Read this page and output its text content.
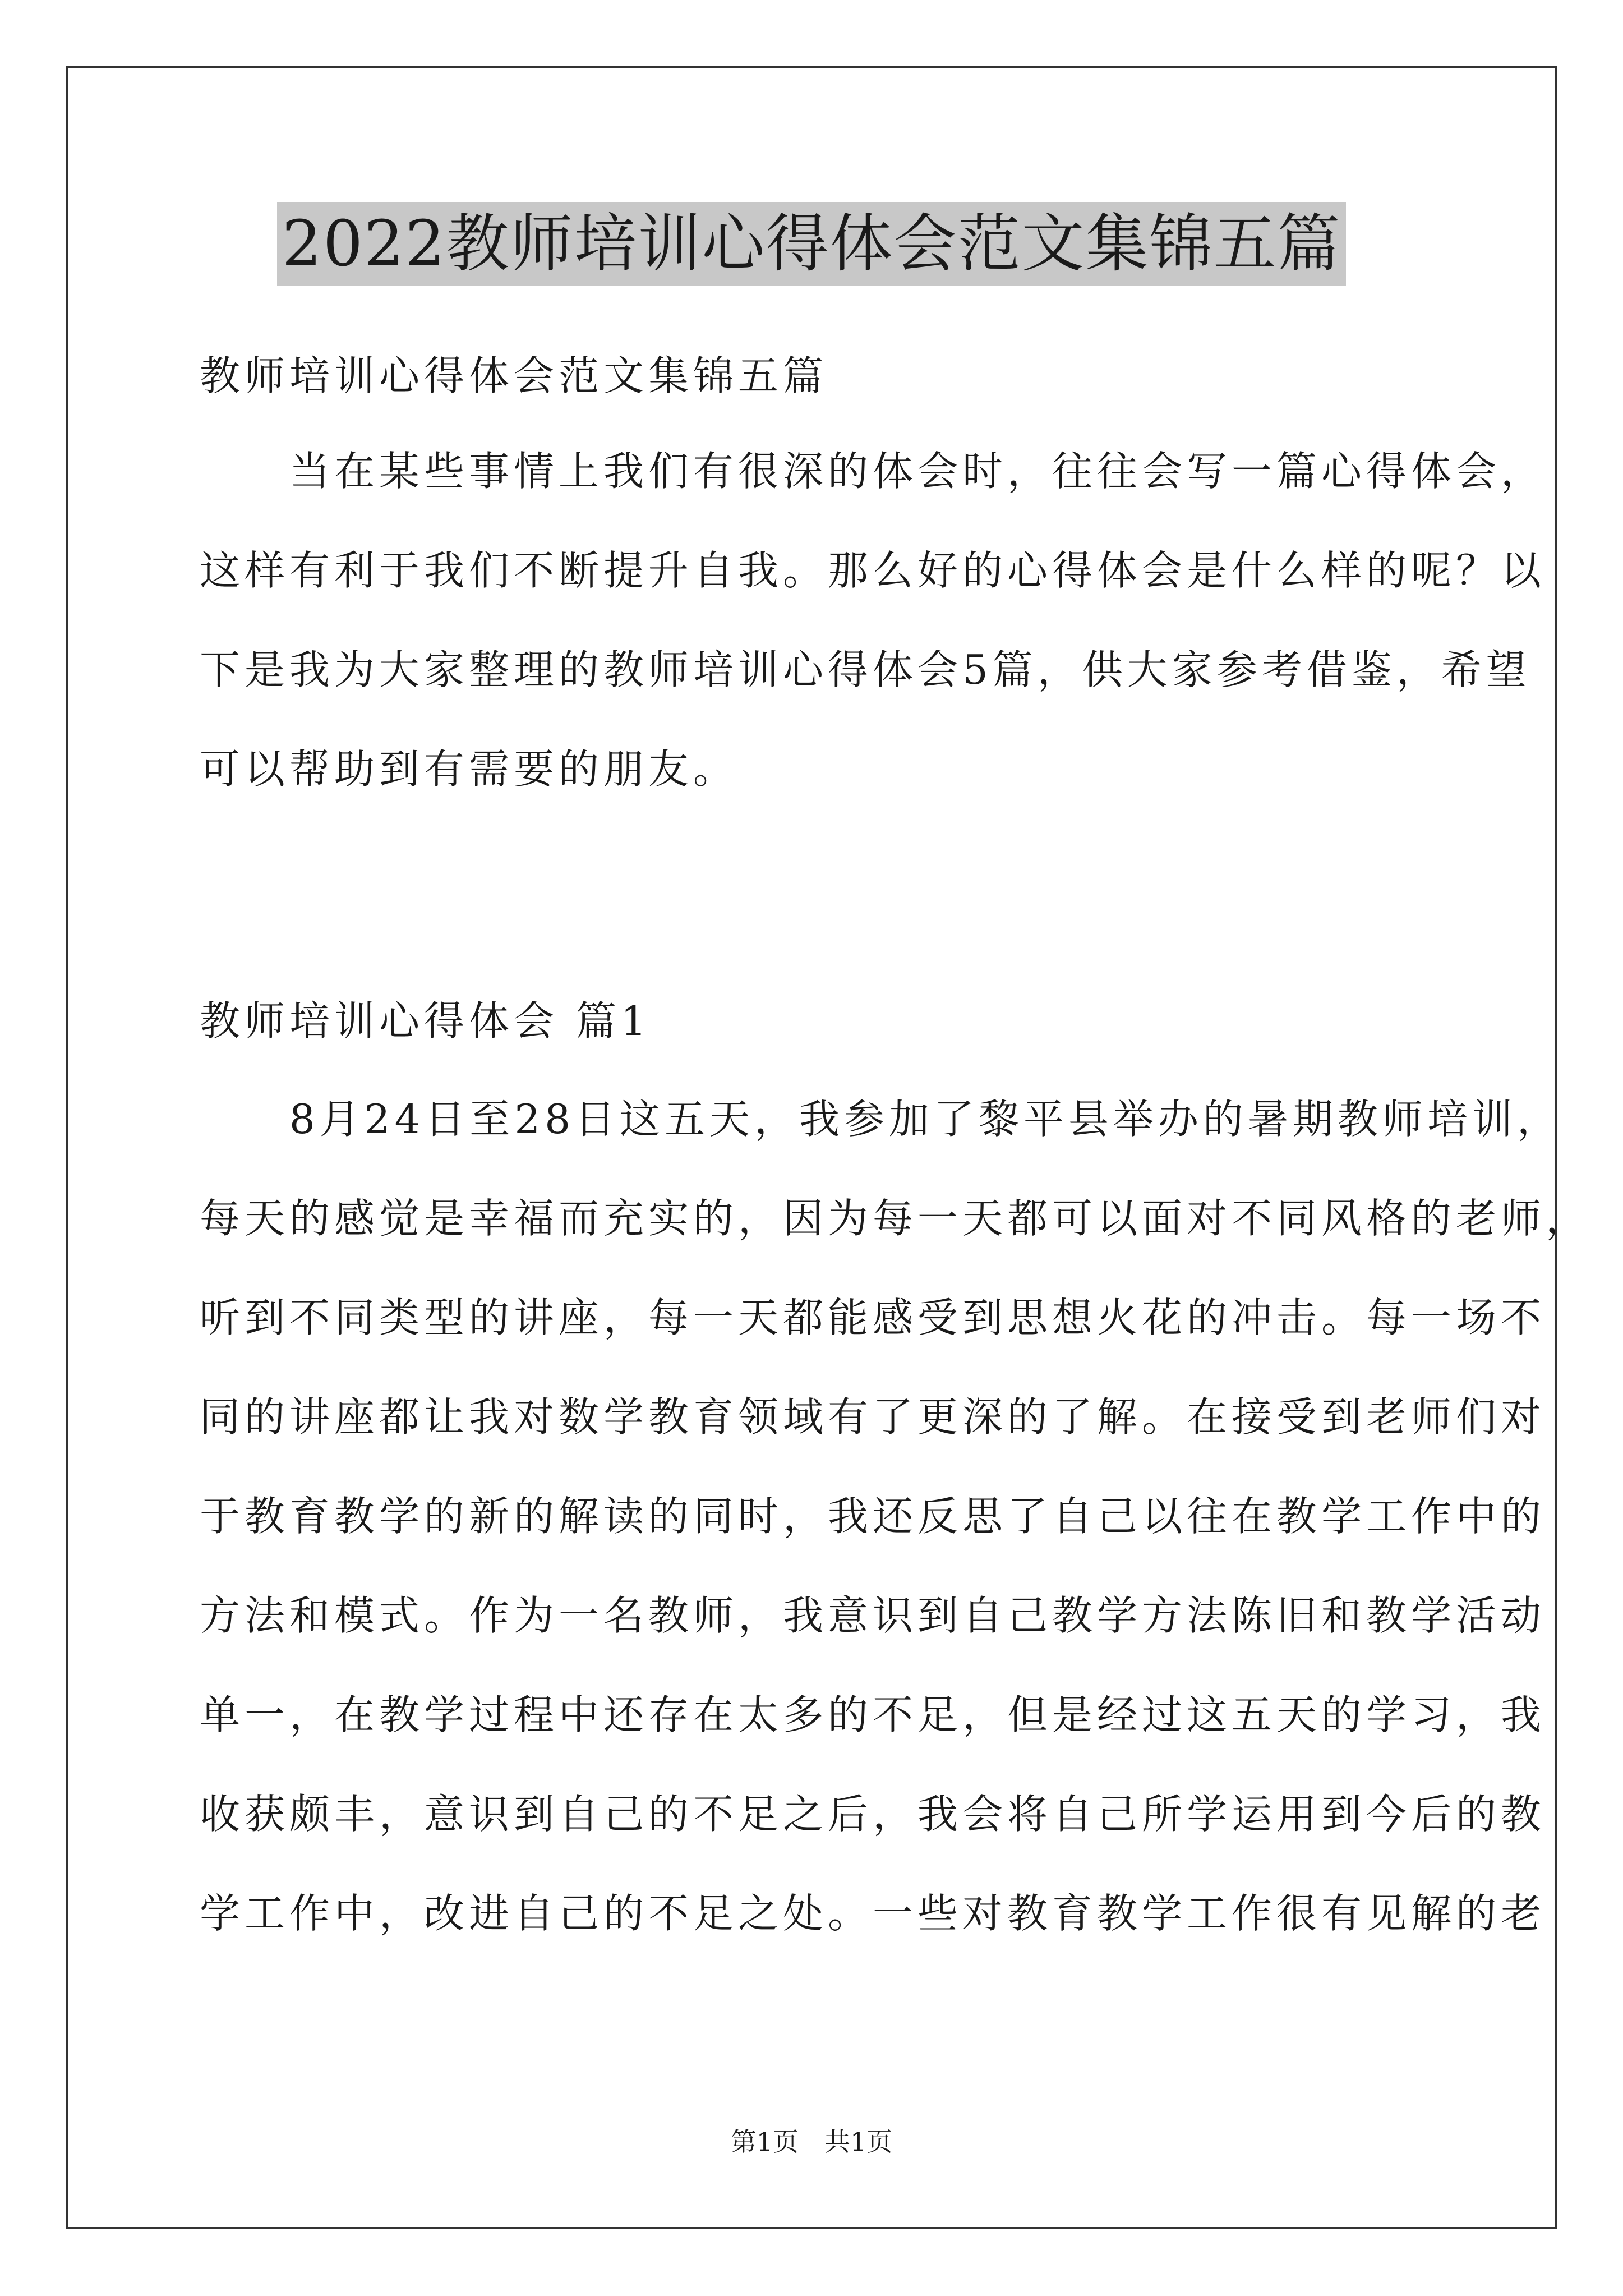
2022教师培训心得体会范文集锦五篇
教师培训心得体会范文集锦五篇
　　当在某些事情上我们有很深的体会时，往往会写一篇心得体会，
这样有利于我们不断提升自我。那么好的心得体会是什么样的呢？以
下是我为大家整理的教师培训心得体会5篇，供大家参考借鉴，希望
可以帮助到有需要的朋友。
教师培训心得体会 篇1
　　8月24日至28日这五天，我参加了黎平县举办的暑期教师培训，
每天的感觉是幸福而充实的，因为每一天都可以面对不同风格的老师，
听到不同类型的讲座，每一天都能感受到思想火花的冲击。每一场不
同的讲座都让我对数学教育领域有了更深的了解。在接受到老师们对
于教育教学的新的解读的同时，我还反思了自己以往在教学工作中的
方法和模式。作为一名教师，我意识到自己教学方法陈旧和教学活动
单一，在教学过程中还存在太多的不足，但是经过这五天的学习，我
收获颇丰，意识到自己的不足之后，我会将自己所学运用到今后的教
学工作中，改进自己的不足之处。一些对教育教学工作很有见解的老
第1页　共1页
